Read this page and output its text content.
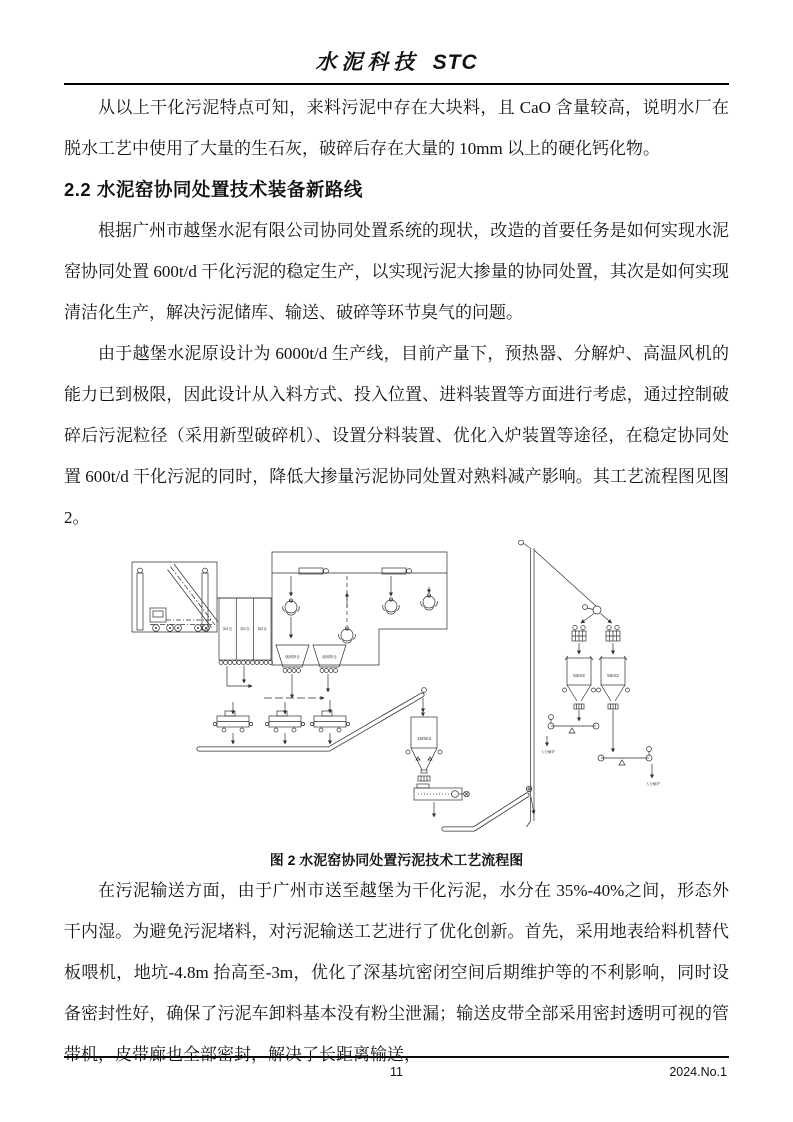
水泥科技 STC

从以上干化污泥特点可知，来料污泥中存在大块料，且 CaO 含量较高，说明水厂在脱水工艺中使用了大量的生石灰，破碎后存在大量的 10mm 以上的硬化钙化物。

2.2 水泥窑协同处置技术装备新路线

根据广州市越堡水泥有限公司协同处置系统的现状，改造的首要任务是如何实现水泥窑协同处置 600t/d 干化污泥的稳定生产，以实现污泥大掺量的协同处置，其次是如何实现清洁化生产，解决污泥储库、输送、破碎等环节臭气的问题。

由于越堡水泥原设计为 6000t/d 生产线，目前产量下，预热器、分解炉、高温风机的能力已到极限，因此设计从入料方式、投入位置、进料装置等方面进行考虑，通过控制破碎后污泥粒径（采用新型破碎机）、设置分料装置、优化入炉装置等途径，在稳定协同处置 600t/d 干化污泥的同时，降低大掺量污泥协同处置对熟料减产影响。其工艺流程图见图 2。

卸1仓 卸2仓 卸3仓
破碎降仓	破碎降仓
150m3
53m3	50m3
入分解炉
入分解炉

图 2 水泥窑协同处置污泥技术工艺流程图

在污泥输送方面，由于广州市送至越堡为干化污泥，水分在 35%-40%之间，形态外干内湿。为避免污泥堵料，对污泥输送工艺进行了优化创新。首先，采用地表给料机替代板喂机，地坑-4.8m 抬高至-3m，优化了深基坑密闭空间后期维护等的不利影响，同时设备密封性好，确保了污泥车卸料基本没有粉尘泄漏；输送皮带全部采用密封透明可视的管带机，皮带廊也全部密封，解决了长距离输送，

11	2024.No.1
